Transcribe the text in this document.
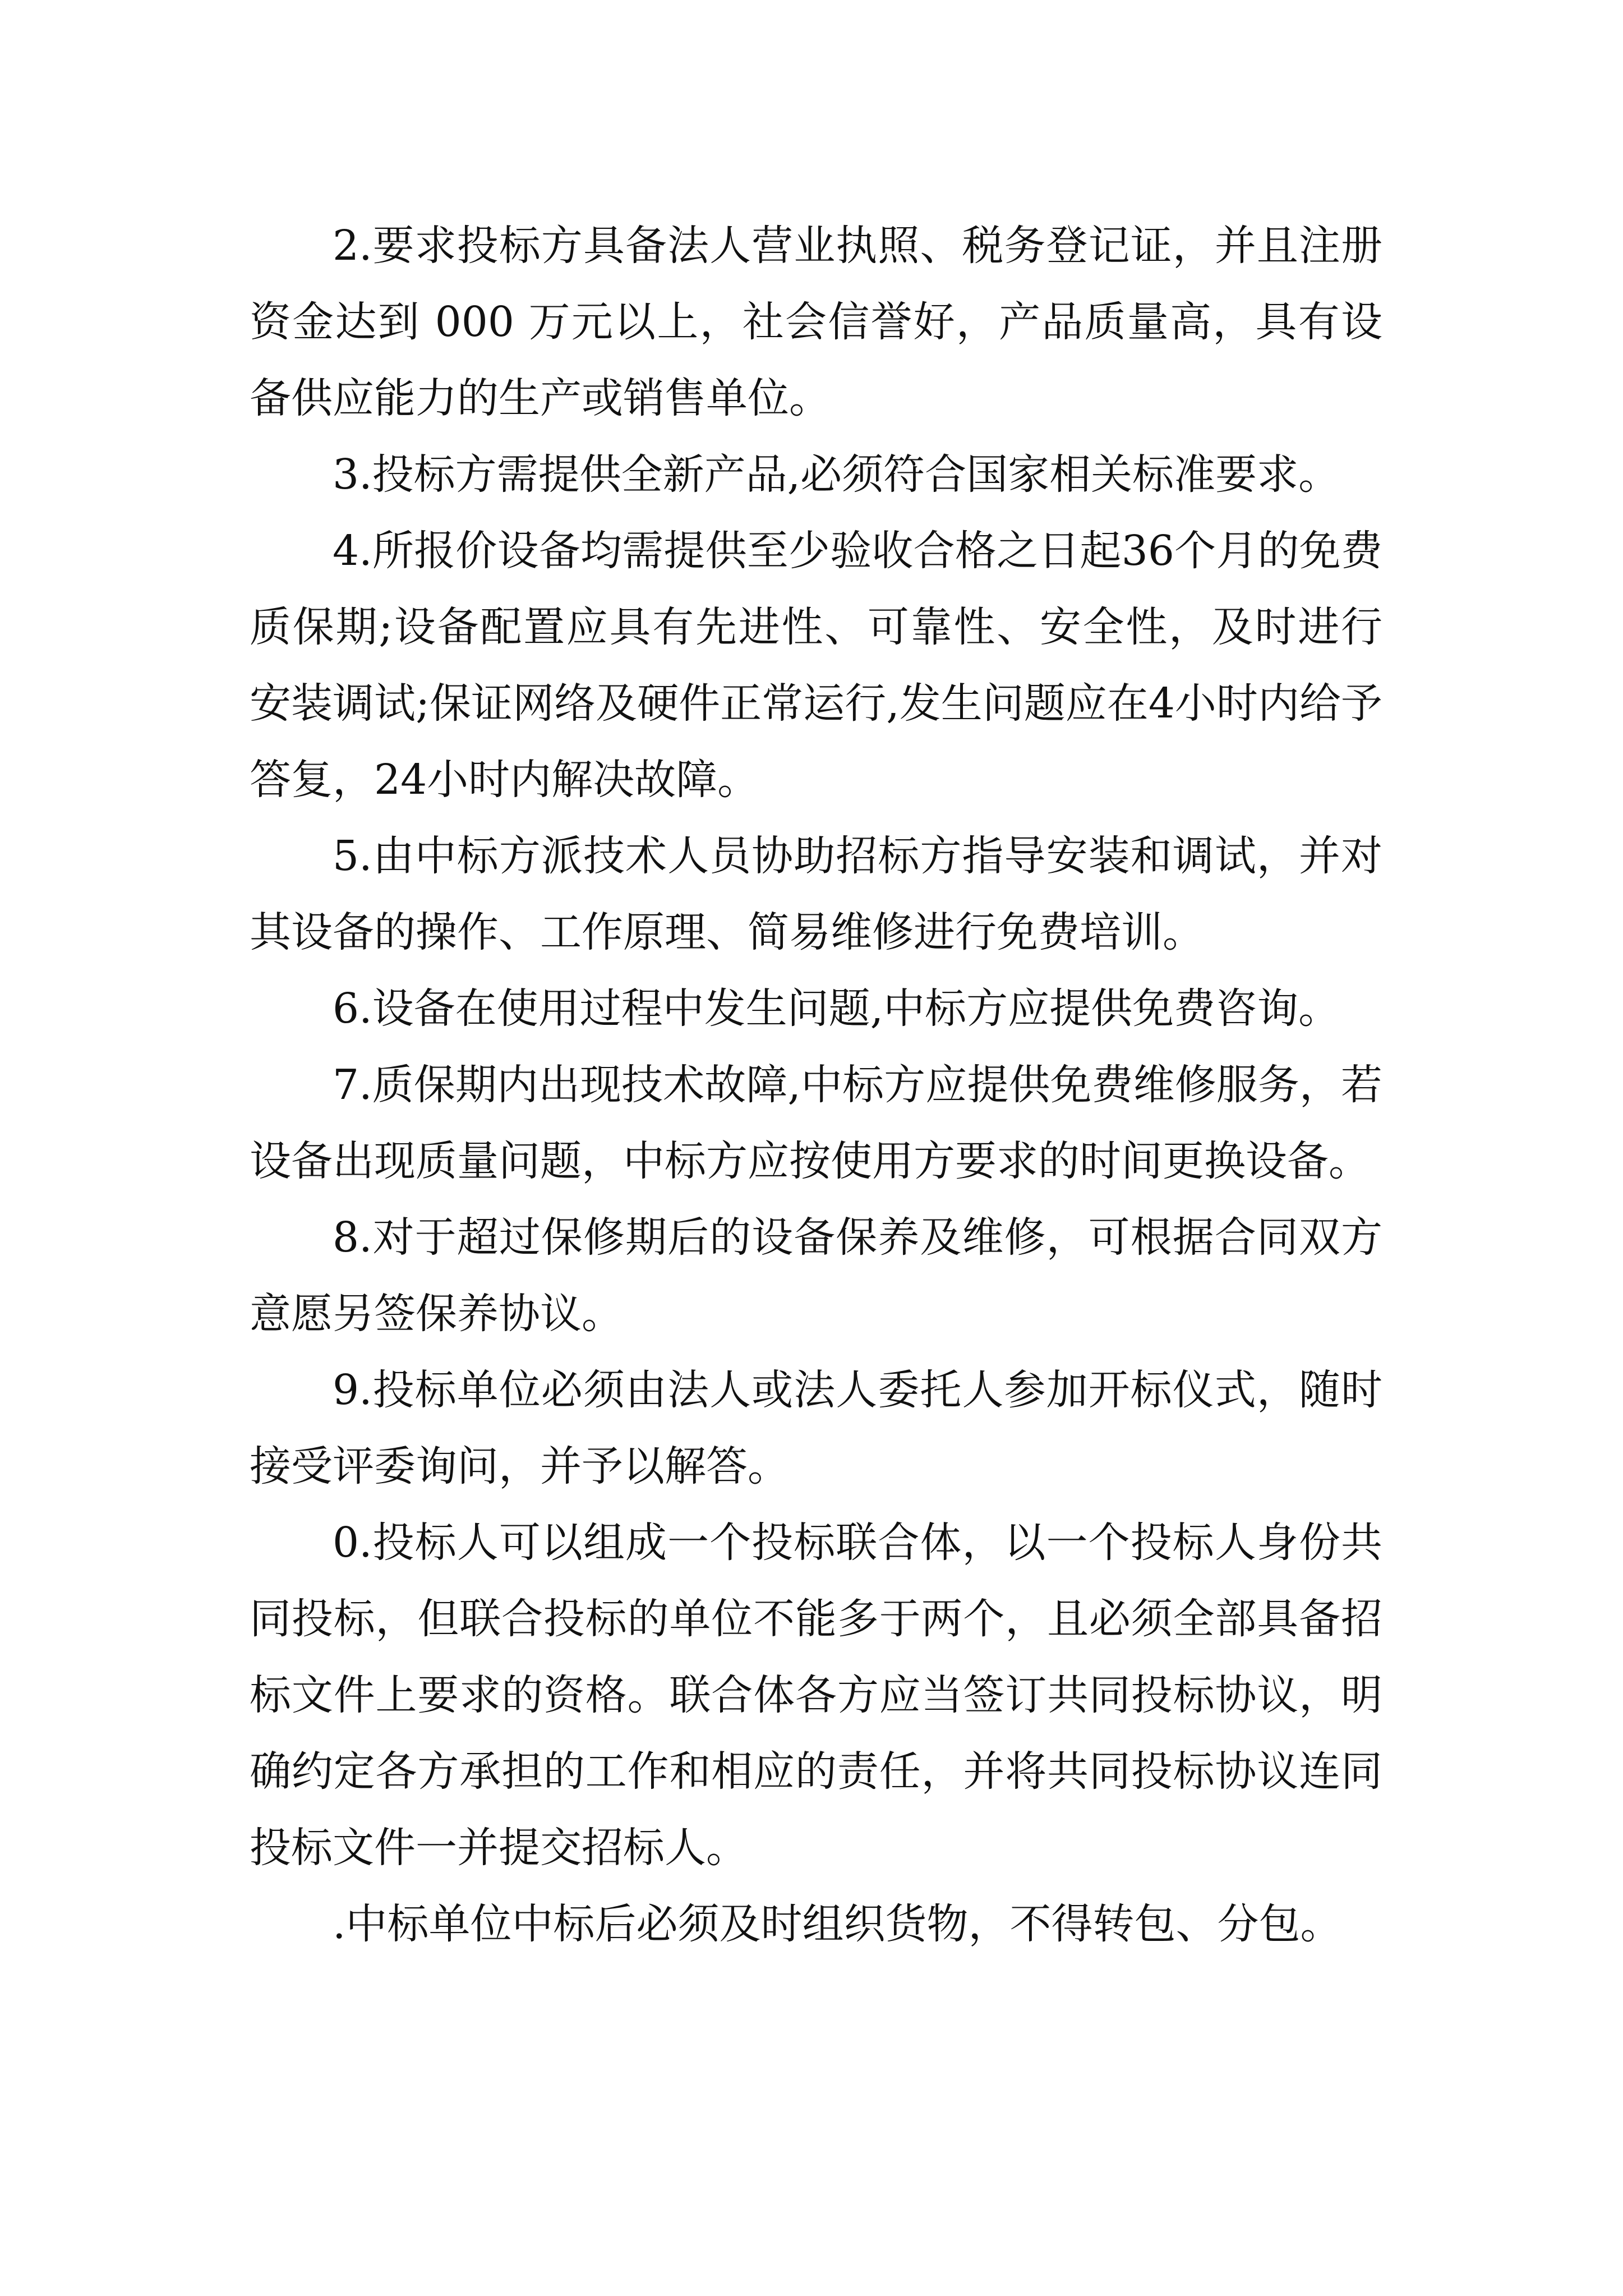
2.要求投标方具备法人营业执照、税务登记证，并且注册资金达到 000 万元以上，社会信誉好，产品质量高，具有设备供应能力的生产或销售单位。

3.投标方需提供全新产品,必须符合国家相关标准要求。

4.所报价设备均需提供至少验收合格之日起36个月的免费质保期;设备配置应具有先进性、可靠性、安全性，及时进行安装调试;保证网络及硬件正常运行,发生问题应在4小时内给予答复，24小时内解决故障。

5.由中标方派技术人员协助招标方指导安装和调试，并对其设备的操作、工作原理、简易维修进行免费培训。

6.设备在使用过程中发生问题,中标方应提供免费咨询。

7.质保期内出现技术故障,中标方应提供免费维修服务，若设备出现质量问题，中标方应按使用方要求的时间更换设备。

8.对于超过保修期后的设备保养及维修，可根据合同双方意愿另签保养协议。

9.投标单位必须由法人或法人委托人参加开标仪式，随时接受评委询问，并予以解答。

0.投标人可以组成一个投标联合体，以一个投标人身份共同投标，但联合投标的单位不能多于两个，且必须全部具备招标文件上要求的资格。联合体各方应当签订共同投标协议，明确约定各方承担的工作和相应的责任，并将共同投标协议连同投标文件一并提交招标人。

.中标单位中标后必须及时组织货物，不得转包、分包。
